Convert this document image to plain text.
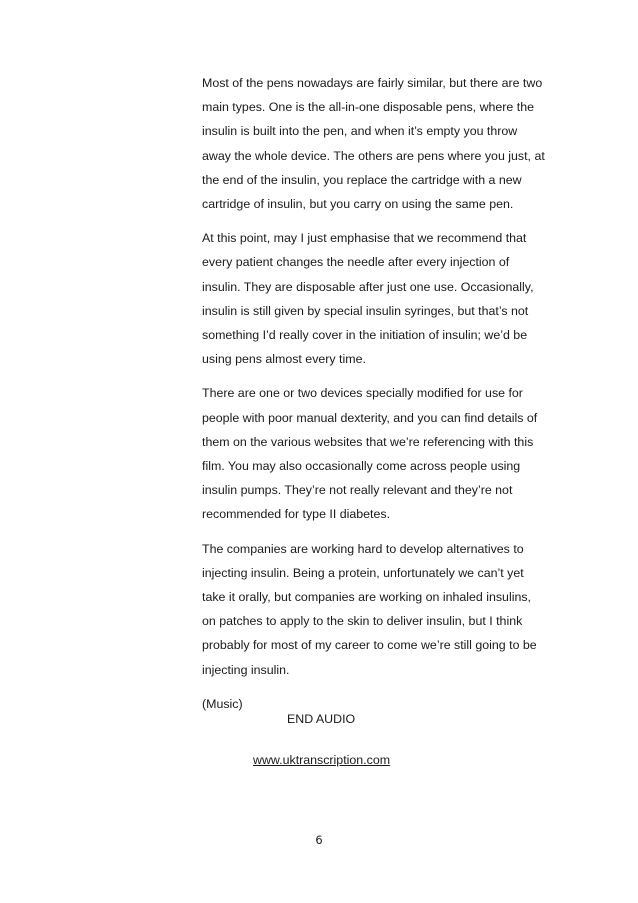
Most of the pens nowadays are fairly similar, but there are two
main types. One is the all-in-one disposable pens, where the
insulin is built into the pen, and when it’s empty you throw
away the whole device. The others are pens where you just, at
the end of the insulin, you replace the cartridge with a new
cartridge of insulin, but you carry on using the same pen.

At this point, may I just emphasise that we recommend that
every patient changes the needle after every injection of
insulin. They are disposable after just one use. Occasionally,
insulin is still given by special insulin syringes, but that’s not
something I’d really cover in the initiation of insulin; we’d be
using pens almost every time.

There are one or two devices specially modified for use for
people with poor manual dexterity, and you can find details of
them on the various websites that we’re referencing with this
film. You may also occasionally come across people using
insulin pumps. They’re not really relevant and they’re not
recommended for type II diabetes.

The companies are working hard to develop alternatives to
injecting insulin. Being a protein, unfortunately we can’t yet
take it orally, but companies are working on inhaled insulins,
on patches to apply to the skin to deliver insulin, but I think
probably for most of my career to come we’re still going to be
injecting insulin.

(Music)

END AUDIO

www.uktranscription.com
6
